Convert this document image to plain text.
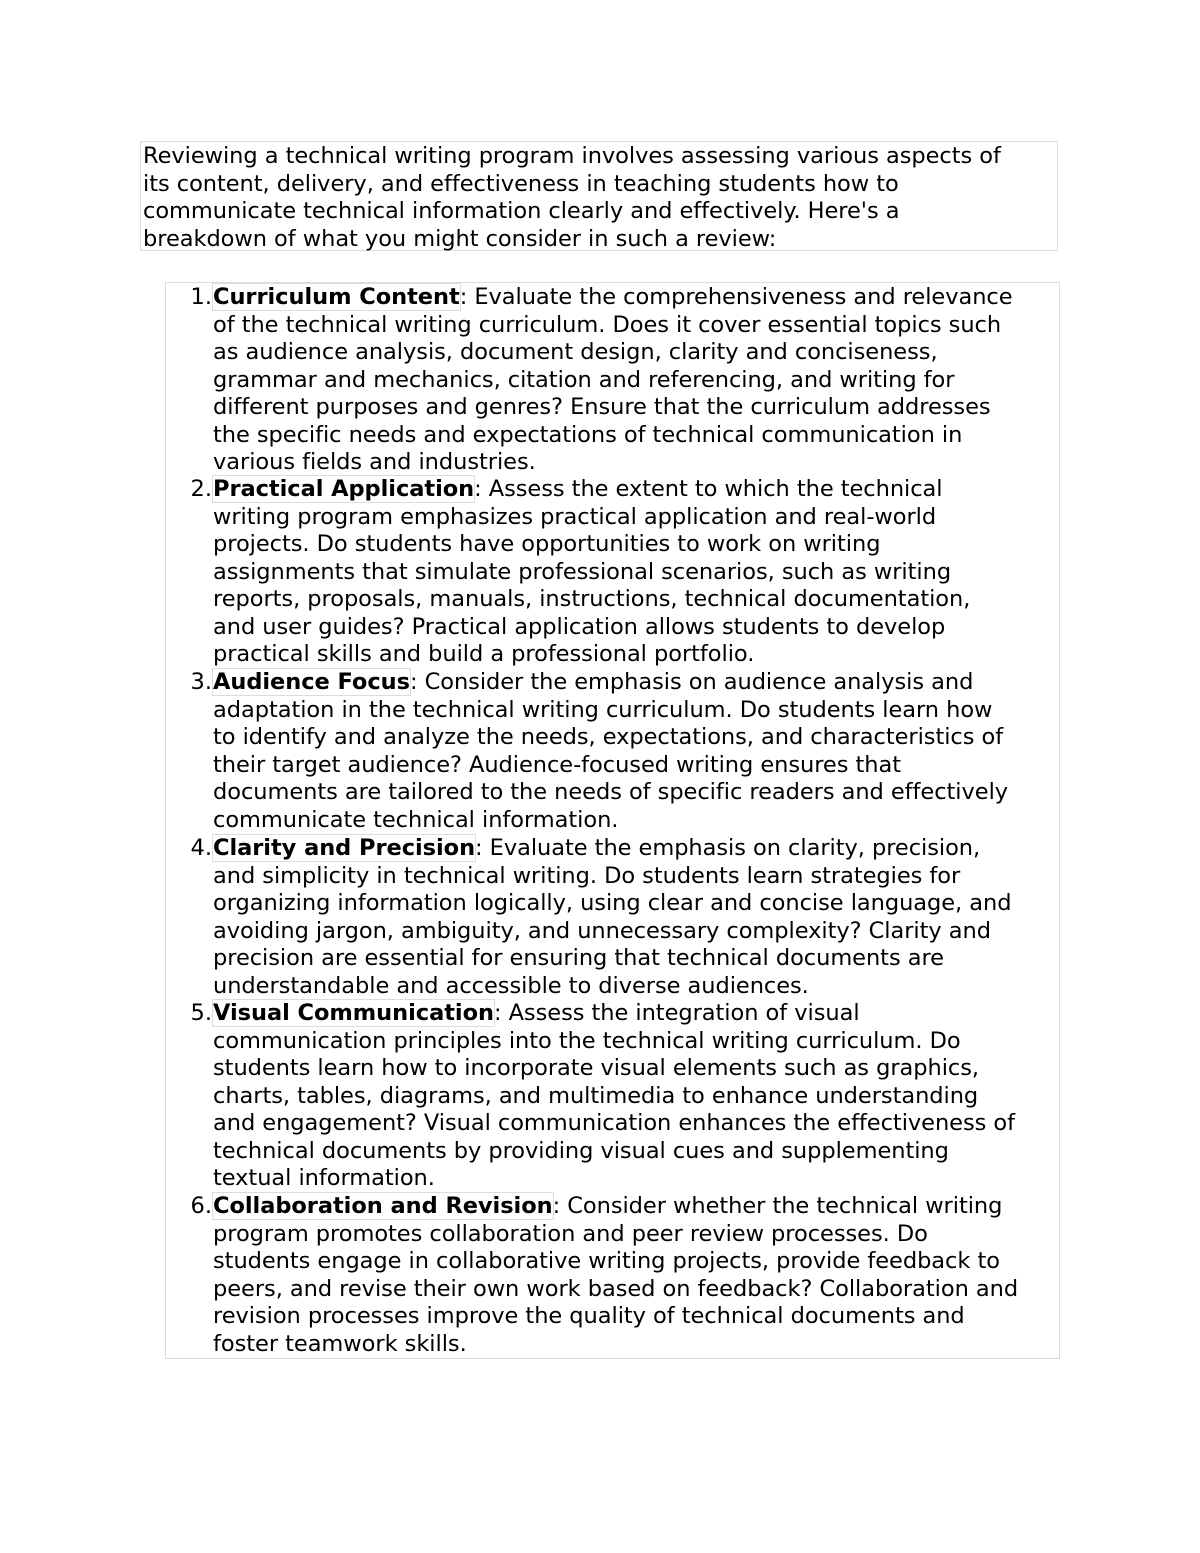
Reviewing a technical writing program involves assessing various aspects of
its content, delivery, and effectiveness in teaching students how to
communicate technical information clearly and effectively. Here's a
breakdown of what you might consider in such a review:
1. Curriculum Content: Evaluate the comprehensiveness and relevance
of the technical writing curriculum. Does it cover essential topics such
as audience analysis, document design, clarity and conciseness,
grammar and mechanics, citation and referencing, and writing for
different purposes and genres? Ensure that the curriculum addresses
the specific needs and expectations of technical communication in
various fields and industries.
2. Practical Application: Assess the extent to which the technical
writing program emphasizes practical application and real-world
projects. Do students have opportunities to work on writing
assignments that simulate professional scenarios, such as writing
reports, proposals, manuals, instructions, technical documentation,
and user guides? Practical application allows students to develop
practical skills and build a professional portfolio.
3. Audience Focus: Consider the emphasis on audience analysis and
adaptation in the technical writing curriculum. Do students learn how
to identify and analyze the needs, expectations, and characteristics of
their target audience? Audience-focused writing ensures that
documents are tailored to the needs of specific readers and effectively
communicate technical information.
4. Clarity and Precision: Evaluate the emphasis on clarity, precision,
and simplicity in technical writing. Do students learn strategies for
organizing information logically, using clear and concise language, and
avoiding jargon, ambiguity, and unnecessary complexity? Clarity and
precision are essential for ensuring that technical documents are
understandable and accessible to diverse audiences.
5. Visual Communication: Assess the integration of visual
communication principles into the technical writing curriculum. Do
students learn how to incorporate visual elements such as graphics,
charts, tables, diagrams, and multimedia to enhance understanding
and engagement? Visual communication enhances the effectiveness of
technical documents by providing visual cues and supplementing
textual information.
6. Collaboration and Revision: Consider whether the technical writing
program promotes collaboration and peer review processes. Do
students engage in collaborative writing projects, provide feedback to
peers, and revise their own work based on feedback? Collaboration and
revision processes improve the quality of technical documents and
foster teamwork skills.
